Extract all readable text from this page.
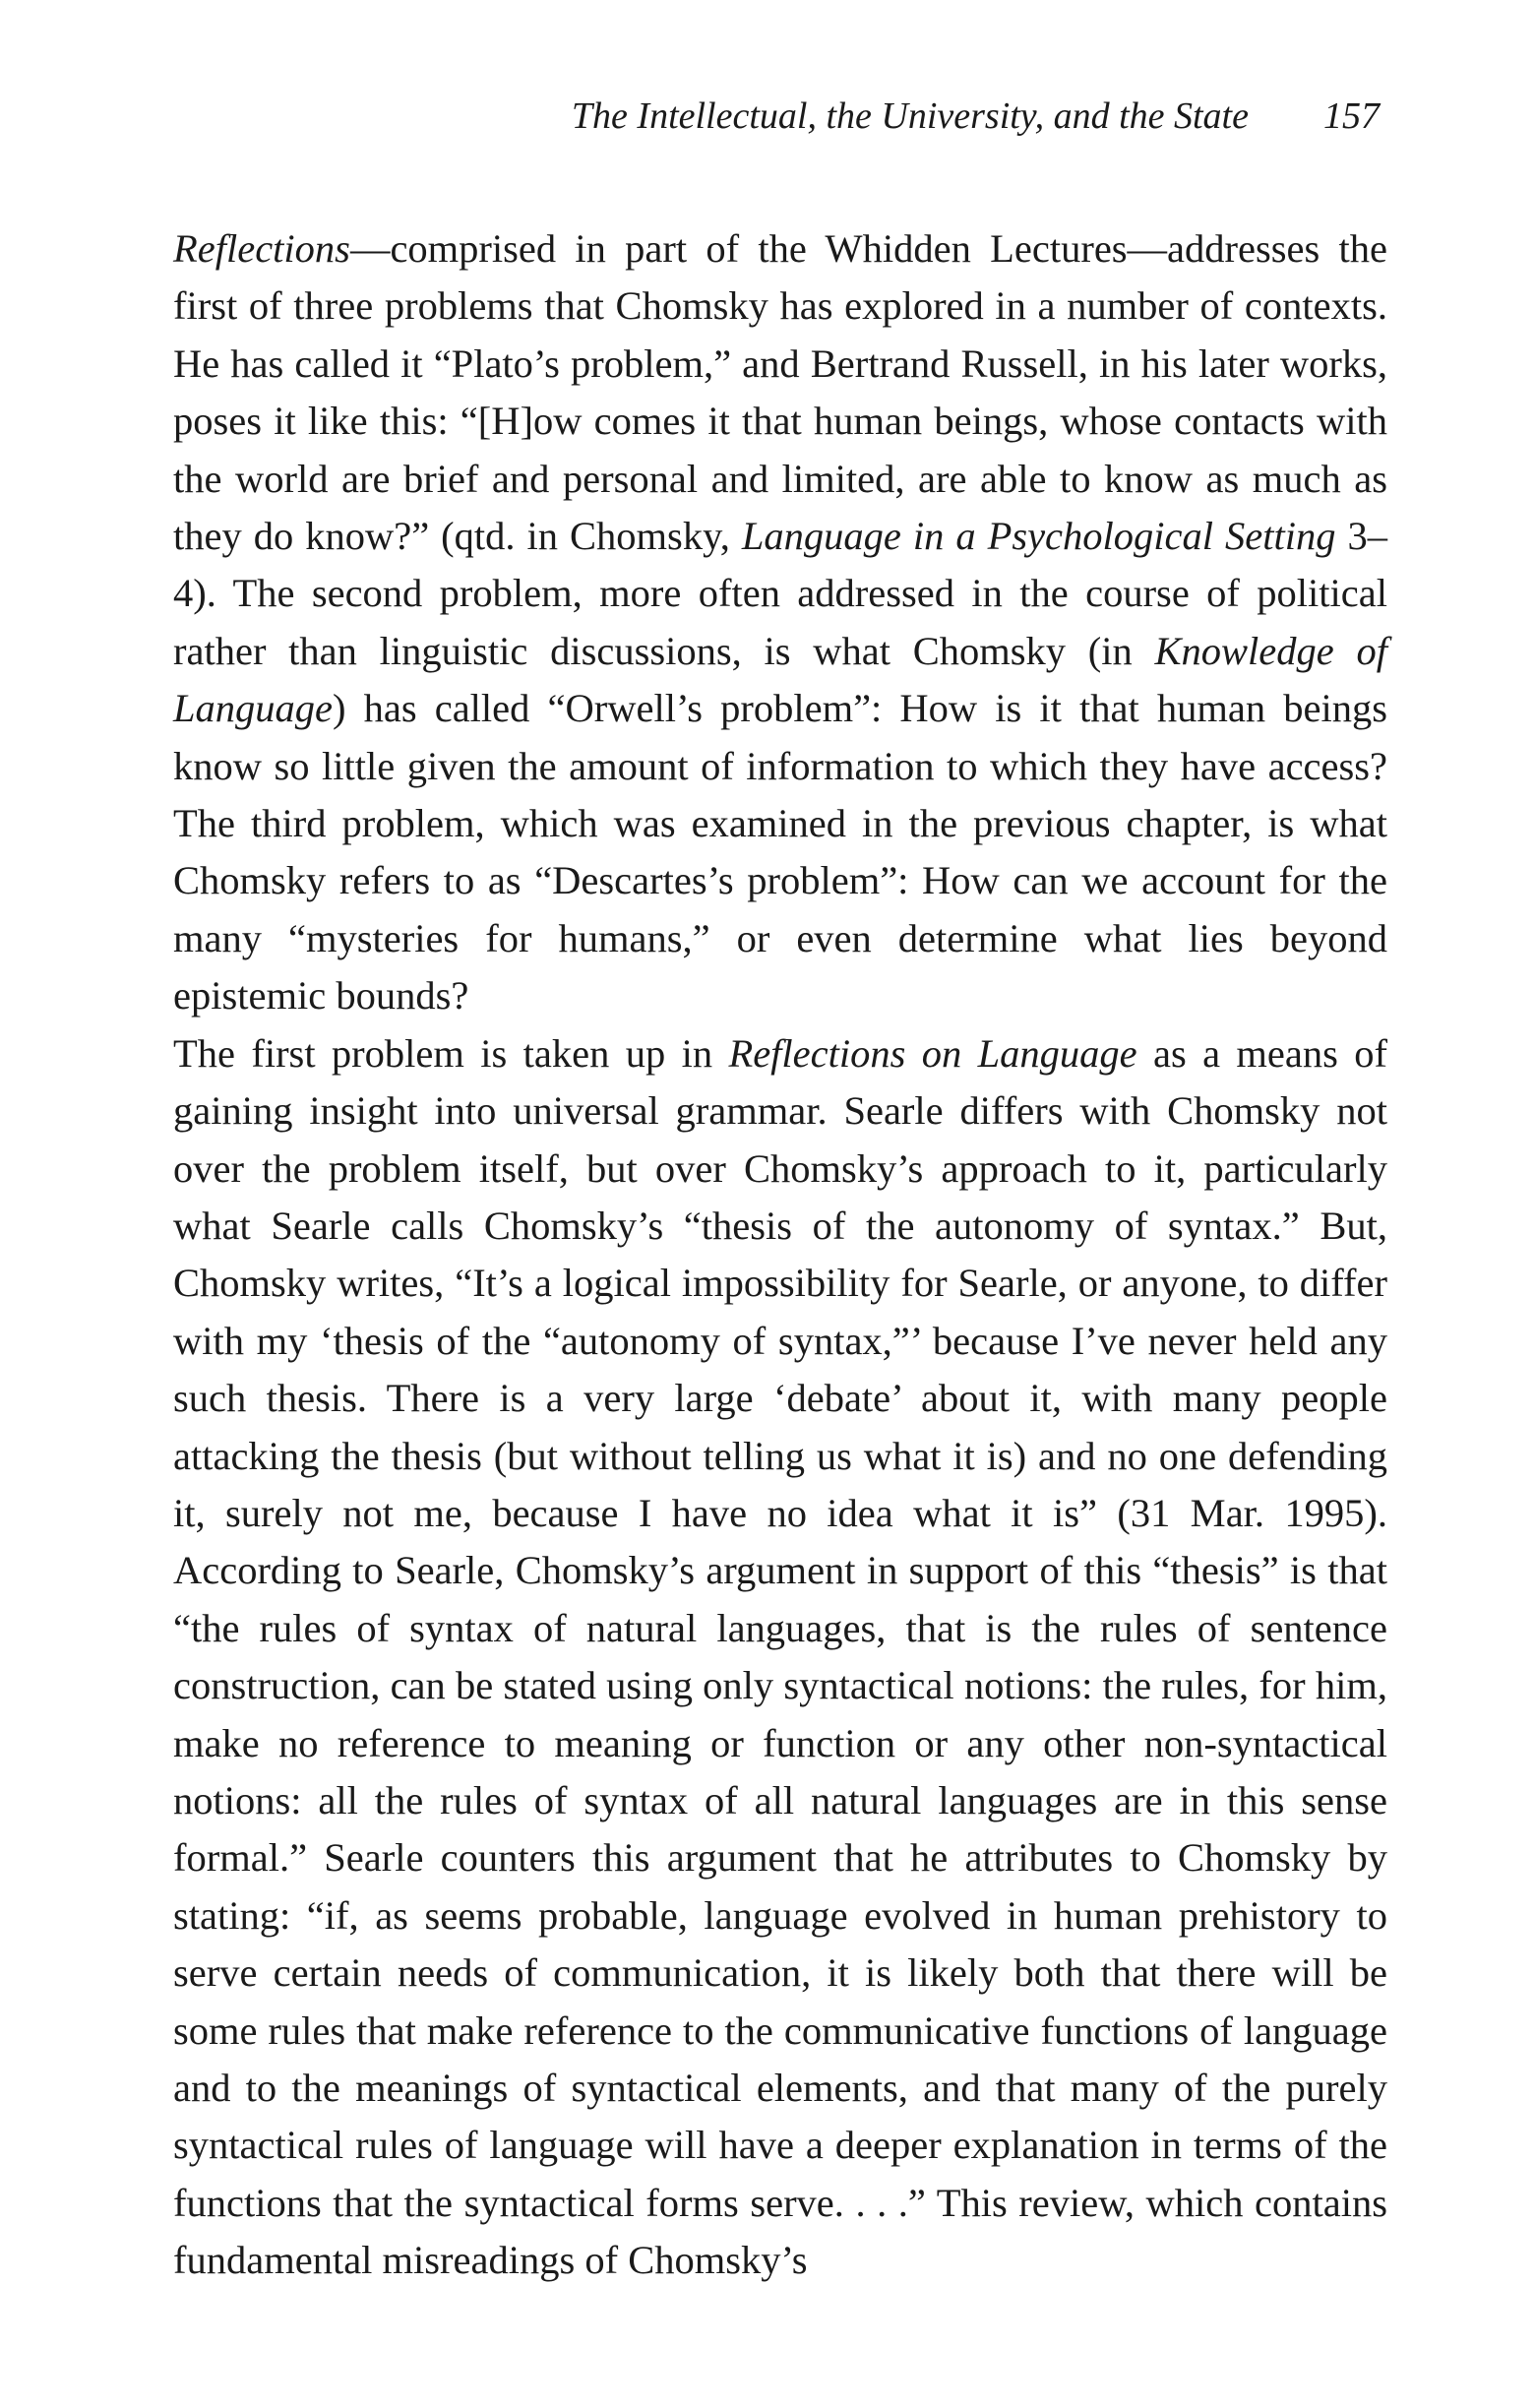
The Intellectual, the University, and the State 157

Reflections—comprised in part of the Whidden Lectures—addresses the first of three problems that Chomsky has explored in a number of contexts. He has called it “Plato’s problem,” and Bertrand Russell, in his later works, poses it like this: “[H]ow comes it that human beings, whose contacts with the world are brief and personal and limited, are able to know as much as they do know?” (qtd. in Chomsky, Language in a Psychological Setting 3–4). The second problem, more often addressed in the course of political rather than linguistic discussions, is what Chomsky (in Knowledge of Language) has called “Orwell’s problem”: How is it that human beings know so little given the amount of information to which they have access? The third problem, which was examined in the previous chapter, is what Chomsky refers to as “Descartes’s problem”: How can we account for the many “mysteries for humans,” or even determine what lies beyond epistemic bounds?

The first problem is taken up in Reflections on Language as a means of gaining insight into universal grammar. Searle differs with Chomsky not over the problem itself, but over Chomsky’s approach to it, particularly what Searle calls Chomsky’s “thesis of the autonomy of syntax.” But, Chomsky writes, “It’s a logical impossibility for Searle, or anyone, to differ with my ‘thesis of the “autonomy of syntax,”’ because I’ve never held any such thesis. There is a very large ‘debate’ about it, with many people attacking the thesis (but without telling us what it is) and no one defending it, surely not me, because I have no idea what it is” (31 Mar. 1995). According to Searle, Chomsky’s argument in support of this “thesis” is that “the rules of syntax of natural languages, that is the rules of sentence construction, can be stated using only syntactical notions: the rules, for him, make no reference to meaning or function or any other non-syntactical notions: all the rules of syntax of all natural languages are in this sense formal.” Searle counters this argument that he attributes to Chomsky by stating: “if, as seems probable, language evolved in human prehistory to serve certain needs of communication, it is likely both that there will be some rules that make reference to the communicative functions of language and to the meanings of syntactical elements, and that many of the purely syntactical rules of language will have a deeper explanation in terms of the functions that the syntactical forms serve. . . .” This review, which contains fundamental misreadings of Chomsky’s
